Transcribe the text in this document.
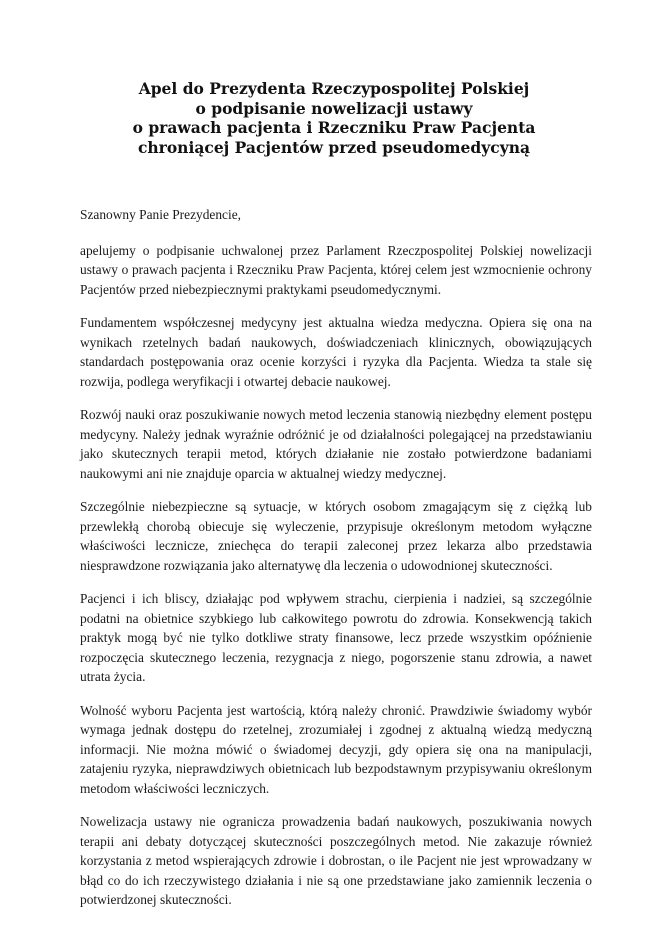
Apel do Prezydenta Rzeczypospolitej Polskiej
o podpisanie nowelizacji ustawy
o prawach pacjenta i Rzeczniku Praw Pacjenta
chroniącej Pacjentów przed pseudomedycyną

Szanowny Panie Prezydencie,

apelujemy o podpisanie uchwalonej przez Parlament Rzeczpospolitej Polskiej nowelizacji ustawy o prawach pacjenta i Rzeczniku Praw Pacjenta, której celem jest wzmocnienie ochrony Pacjentów przed niebezpiecznymi praktykami pseudomedycznymi.

Fundamentem współczesnej medycyny jest aktualna wiedza medyczna. Opiera się ona na wynikach rzetelnych badań naukowych, doświadczeniach klinicznych, obowiązujących standardach postępowania oraz ocenie korzyści i ryzyka dla Pacjenta. Wiedza ta stale się rozwija, podlega weryfikacji i otwartej debacie naukowej.

Rozwój nauki oraz poszukiwanie nowych metod leczenia stanowią niezbędny element postępu medycyny. Należy jednak wyraźnie odróżnić je od działalności polegającej na przedstawianiu jako skutecznych terapii metod, których działanie nie zostało potwierdzone badaniami naukowymi ani nie znajduje oparcia w aktualnej wiedzy medycznej.

Szczególnie niebezpieczne są sytuacje, w których osobom zmagającym się z ciężką lub przewlekłą chorobą obiecuje się wyleczenie, przypisuje określonym metodom wyłączne właściwości lecznicze, zniechęca do terapii zaleconej przez lekarza albo przedstawia niesprawdzone rozwiązania jako alternatywę dla leczenia o udowodnionej skuteczności.

Pacjenci i ich bliscy, działając pod wpływem strachu, cierpienia i nadziei, są szczególnie podatni na obietnice szybkiego lub całkowitego powrotu do zdrowia. Konsekwencją takich praktyk mogą być nie tylko dotkliwe straty finansowe, lecz przede wszystkim opóźnienie rozpoczęcia skutecznego leczenia, rezygnacja z niego, pogorszenie stanu zdrowia, a nawet utrata życia.

Wolność wyboru Pacjenta jest wartością, którą należy chronić. Prawdziwie świadomy wybór wymaga jednak dostępu do rzetelnej, zrozumiałej i zgodnej z aktualną wiedzą medyczną informacji. Nie można mówić o świadomej decyzji, gdy opiera się ona na manipulacji, zatajeniu ryzyka, nieprawdziwych obietnicach lub bezpodstawnym przypisywaniu określonym metodom właściwości leczniczych.

Nowelizacja ustawy nie ogranicza prowadzenia badań naukowych, poszukiwania nowych terapii ani debaty dotyczącej skuteczności poszczególnych metod. Nie zakazuje również korzystania z metod wspierających zdrowie i dobrostan, o ile Pacjent nie jest wprowadzany w błąd co do ich rzeczywistego działania i nie są one przedstawiane jako zamiennik leczenia o potwierdzonej skuteczności.
